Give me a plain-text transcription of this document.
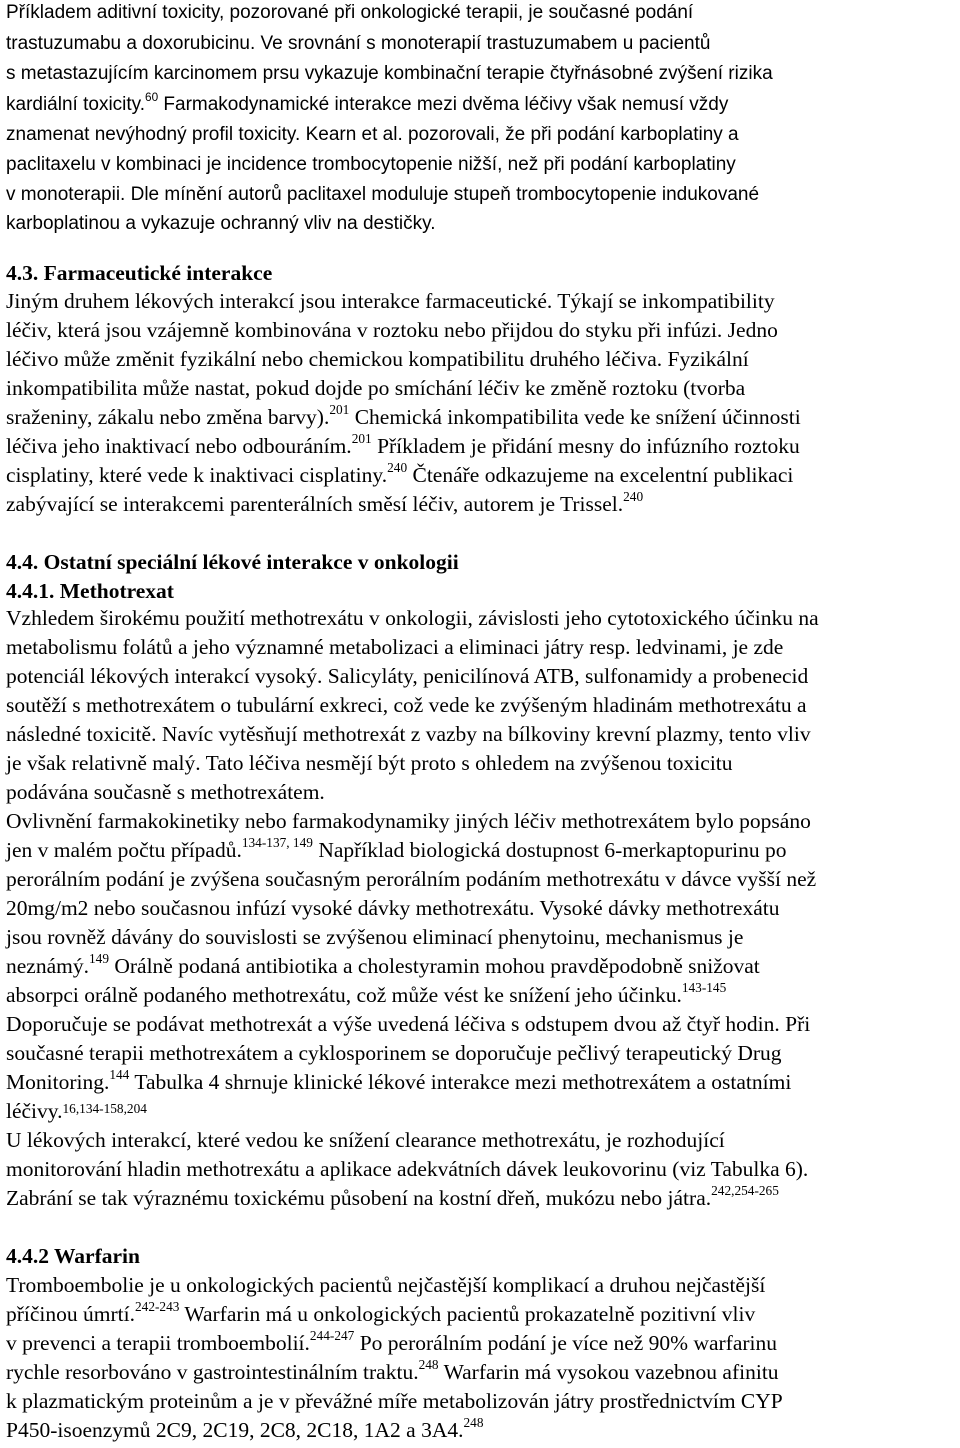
Příkladem aditivní toxicity, pozorované při onkologické terapii, je současné podání
trastuzumabu a doxorubicinu. Ve srovnání s monoterapií trastuzumabem u pacientů
s metastazujícím karcinomem prsu vykazuje kombinační terapie čtyřnásobné zvýšení rizika
kardiální toxicity.$^{60}$ Farmakodynamické interakce mezi dvěma léčivy však nemusí vždy
znamenat nevýhodný profil toxicity. Kearn et al. pozorovali, že při podání karboplatiny a
paclitaxelu v kombinaci je incidence trombocytopenie nižší, než při podání karboplatiny
v monoterapii. Dle mínění autorů paclitaxel moduluje stupeň trombocytopenie indukované
karboplatinou a vykazuje ochranný vliv na destičky.
4.3. Farmaceutické interakce
Jiným druhem lékových interakcí jsou interakce farmaceutické. Týkají se inkompatibility
léčiv, která jsou vzájemně kombinována v roztoku nebo přijdou do styku při infúzi. Jedno
léčivo může změnit fyzikální nebo chemickou kompatibilitu druhého léčiva. Fyzikální
inkompatibilita může nastat, pokud dojde po smíchání léčiv ke změně roztoku (tvorba
sraženiny, zákalu nebo změna barvy).$^{201}$ Chemická inkompatibilita vede ke snížení účinnosti
léčiva jeho inaktivací nebo odbouráním.$^{201}$ Příkladem je přidání mesny do infúzního roztoku
cisplatiny, které vede k inaktivaci cisplatiny.$^{240}$ Čtenáře odkazujeme na excelentní publikaci
zabývající se interakcemi parenterálních směsí léčiv, autorem je Trissel.$^{240}$
4.4. Ostatní speciální lékové interakce v onkologii
4.4.1. Methotrexat
Vzhledem širokému použití methotrexátu v onkologii, závislosti jeho cytotoxického účinku na
metabolismu folátů a jeho významné metabolizaci a eliminaci játry resp. ledvinami, je zde
potenciál lékových interakcí vysoký. Salicyláty, penicilínová ATB, sulfonamidy a probenecid
soutěží s methotrexátem o tubulární exkreci, což vede ke zvýšeným hladinám methotrexátu a
následné toxicitě. Navíc vytěsňují methotrexát z vazby na bílkoviny krevní plazmy, tento vliv
je však relativně malý. Tato léčiva nesmějí být proto s ohledem na zvýšenou toxicitu
podávána současně s methotrexátem.
Ovlivnění farmakokinetiky nebo farmakodynamiky jiných léčiv methotrexátem bylo popsáno
jen v malém počtu případů.$^{134-137, 149}$ Například biologická dostupnost 6-merkaptopurinu po
perorálním podání je zvýšena současným perorálním podáním methotrexátu v dávce vyšší než
20mg/m2 nebo současnou infúzí vysoké dávky methotrexátu. Vysoké dávky methotrexátu
jsou rovněž dávány do souvislosti se zvýšenou eliminací phenytoinu, mechanismus je
neznámý.$^{149}$ Orálně podaná antibiotika a cholestyramin mohou pravděpodobně snižovat
absorpci orálně podaného methotrexátu, což může vést ke snížení jeho účinku.$^{143-145}$
Doporučuje se podávat methotrexát a výše uvedená léčiva s odstupem dvou až čtyř hodin. Při
současné terapii methotrexátem a cyklosporinem se doporučuje pečlivý terapeutický Drug
Monitoring.$^{144}$ Tabulka 4 shrnuje klinické lékové interakce mezi methotrexátem a ostatními
léčivy.$^{16,134-158,204}$
U lékových interakcí, které vedou ke snížení clearance methotrexátu, je rozhodující
monitorování hladin methotrexátu a aplikace adekvátních dávek leukovorinu (viz Tabulka 6).
Zabrání se tak výraznému toxickému působení na kostní dřeň, mukózu nebo játra.$^{242,254-265}$
4.4.2 Warfarin
Tromboembolie je u onkologických pacientů nejčastější komplikací a druhou nejčastější
příčinou úmrtí.$^{242-243}$ Warfarin má u onkologických pacientů prokazatelně pozitivní vliv
v prevenci a terapii tromboembolií.$^{244-247}$ Po perorálním podání je více než 90% warfarinu
rychle resorbováno v gastrointestinálním traktu.$^{248}$ Warfarin má vysokou vazebnou afinitu
k plazmatickým proteinům a je v převážné míře metabolizován játry prostřednictvím CYP
P450-isoenzymů 2C9, 2C19, 2C8, 2C18, 1A2 a 3A4.$^{248}$
